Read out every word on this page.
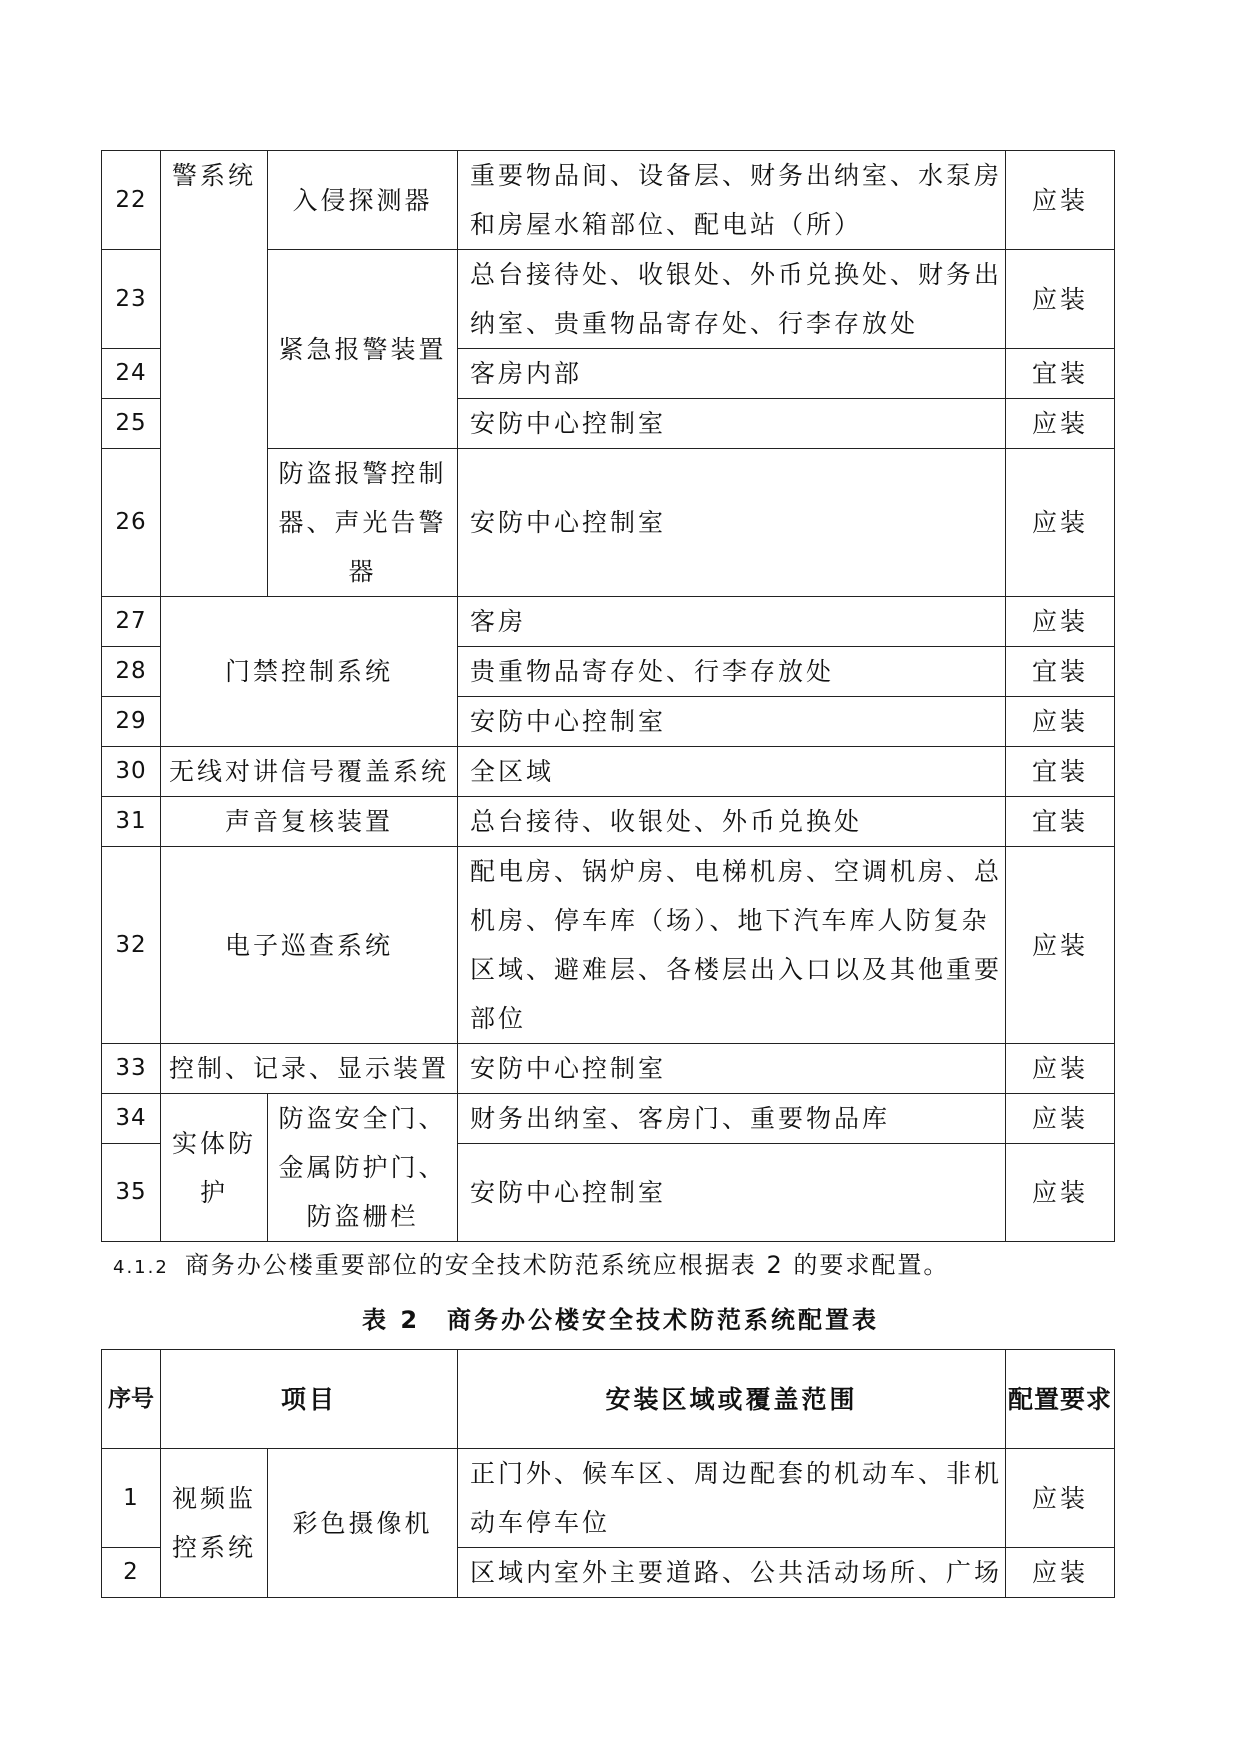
22	警系统	入侵探测器	重要物品间、设备层、财务出纳室、水泵房和房屋水箱部位、配电站（所）	应装
23		紧急报警装置	总台接待处、收银处、外币兑换处、财务出纳室、贵重物品寄存处、行李存放处	应装
24			客房内部	宜装
25			安防中心控制室	应装
26		防盗报警控制器、声光告警器	安防中心控制室	应装
27	门禁控制系统		客房	应装
28			贵重物品寄存处、行李存放处	宜装
29			安防中心控制室	应装
30	无线对讲信号覆盖系统		全区域	宜装
31	声音复核装置		总台接待、收银处、外币兑换处	宜装
32	电子巡查系统		配电房、锅炉房、电梯机房、空调机房、总机房、停车库（场）、地下汽车库人防复杂区域、避难层、各楼层出入口以及其他重要部位	应装
33	控制、记录、显示装置		安防中心控制室	应装
34	实体防护	防盗安全门、金属防护门、防盗栅栏	财务出纳室、客房门、重要物品库	应装
35			安防中心控制室	应装
4.1.2 商务办公楼重要部位的安全技术防范系统应根据表 2 的要求配置。
表 2　商务办公楼安全技术防范系统配置表
序号	项目		安装区域或覆盖范围	配置要求
1	视频监控系统	彩色摄像机	正门外、候车区、周边配套的机动车、非机动车停车位	应装
2			区域内室外主要道路、公共活动场所、广场	应装
